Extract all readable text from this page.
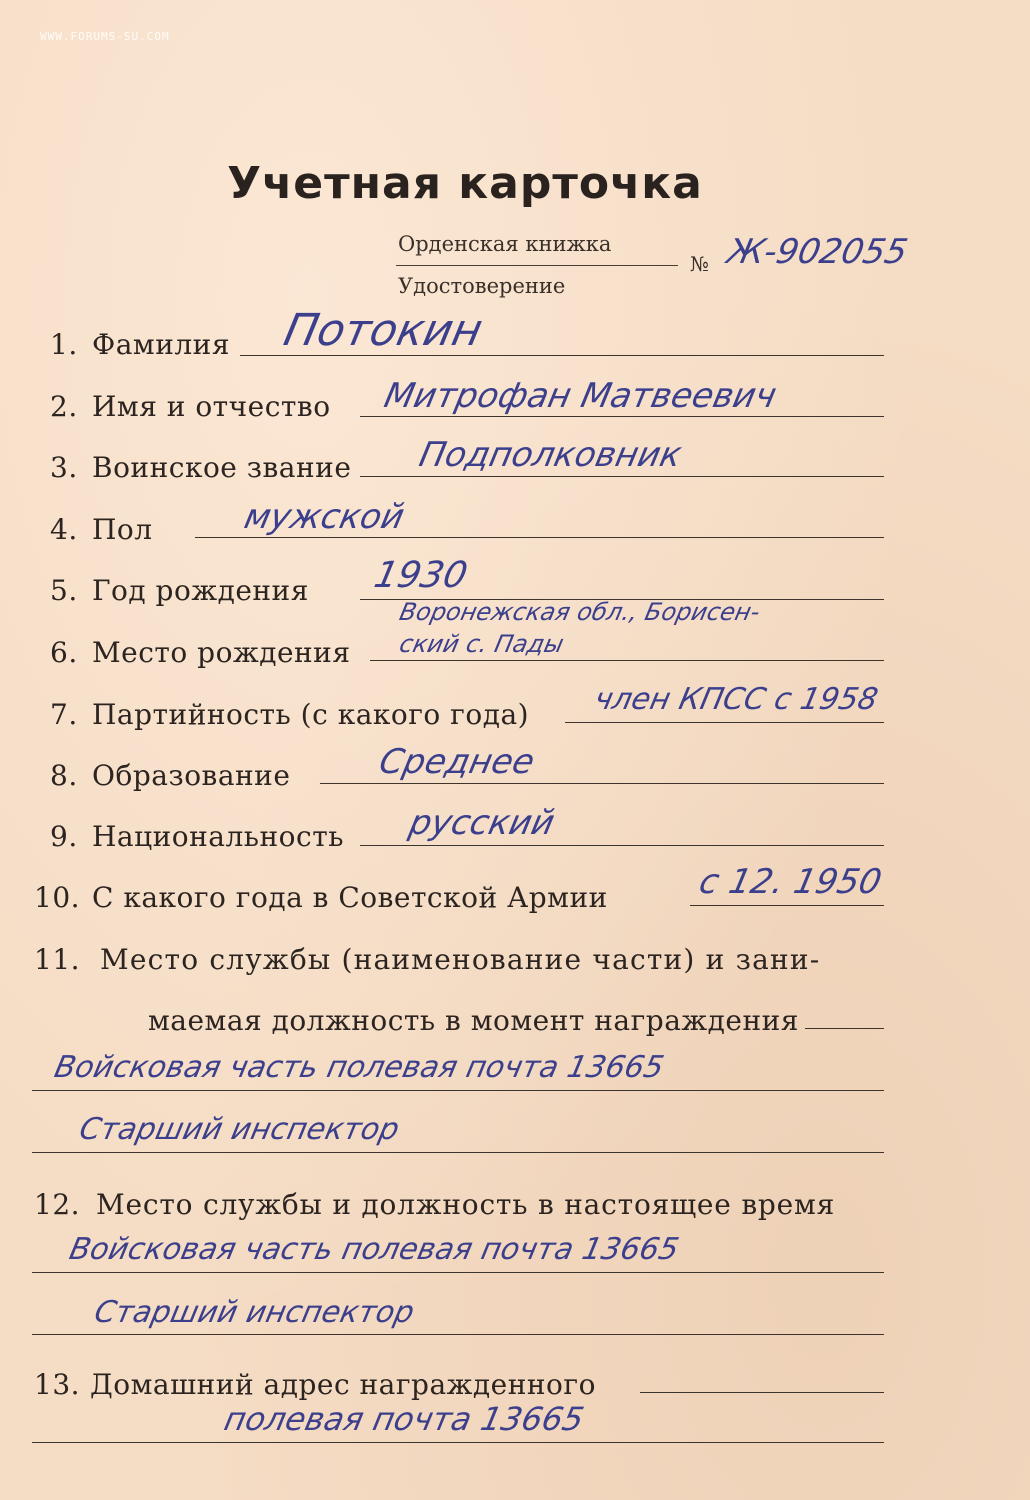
WWW.FORUMS-SU.COM
Учетная карточка
Орденская книжка
Удостоверение
№ Ж-902055
1. Фамилия Потокин
2. Имя и отчество Митрофан Матвеевич
3. Воинское звание Подполковник
4. Пол	мужской
5. Год рождения 1930
6. Место рождения
Воронежская обл., Борисен-
ский с. Пады
7. Партийность (с какого года) член КПСС с 1958
8. Образование	Среднее
9. Национальность русский
10. С какого года в Советской Армии	с 12. 1950
11. Место службы (наименование части) и зани-
маемая должность в момент награждения
Войсковая часть полевая почта 13665
Старший инспектор
12. Место службы и должность в настоящее время
Войсковая часть полевая почта 13665
Старший инспектор
13. Домашний адрес награжденного
полевая почта 13665
